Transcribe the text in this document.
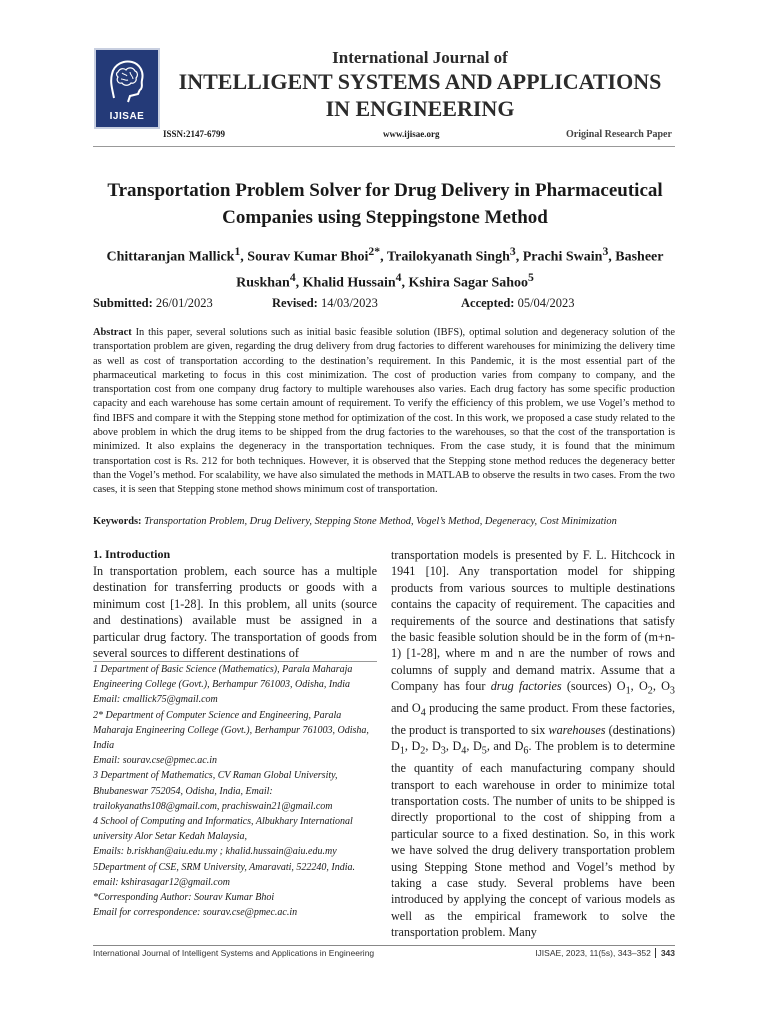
IJISAE
International Journal of
INTELLIGENT SYSTEMS AND APPLICATIONS IN ENGINEERING
ISSN:2147-6799	www.ijisae.org	Original Research Paper
Transportation Problem Solver for Drug Delivery in Pharmaceutical Companies using Steppingstone Method
Chittaranjan Mallick$^1$, Sourav Kumar Bhoi$^{2*}$, Trailokyanath Singh$^3$, Prachi Swain$^3$, Basheer Ruskhan$^4$, Khalid Hussain$^4$, Kshira Sagar Sahoo$^5$
Submitted: 26/01/2023	Revised: 14/03/2023	Accepted: 05/04/2023
Abstract In this paper, several solutions such as initial basic feasible solution (IBFS), optimal solution and degeneracy solution of the transportation problem are given, regarding the drug delivery from drug factories to different warehouses for minimizing the delivery time as well as cost of transportation according to the destination’s requirement. In this Pandemic, it is the most essential part of the pharmaceutical marketing to focus in this cost minimization. The cost of production varies from company to company, and the transportation cost from one company drug factory to multiple warehouses also varies. Each drug factory has some specific production capacity and each warehouse has some certain amount of requirement. To verify the efficiency of this problem, we use Vogel’s method to find IBFS and compare it with the Stepping stone method for optimization of the cost. In this work, we proposed a case study related to the above problem in which the drug items to be shipped from the drug factories to the warehouses, so that the cost of the transportation is minimized. It also explains the degeneracy in the transportation techniques. From the case study, it is found that the minimum transportation cost is Rs. 212 for both techniques. However, it is observed that the Stepping stone method reduces the degeneracy better than the Vogel’s method. For scalability, we have also simulated the methods in MATLAB to observe the results in two cases. From the two cases, it is seen that Stepping stone method shows minimum cost of transportation.
Keywords: Transportation Problem, Drug Delivery, Stepping Stone Method, Vogel’s Method, Degeneracy, Cost Minimization
1. Introduction
In transportation problem, each source has a multiple destination for transferring products or goods with a minimum cost [1-28]. In this problem, all units (source and destinations) available must be assigned in a particular drug factory. The transportation of goods from several sources to different destinations of
1 Department of Basic Science (Mathematics), Parala Maharaja Engineering College (Govt.), Berhampur 761003, Odisha, India
Email: cmallick75@gmail.com
2* Department of Computer Science and Engineering, Parala Maharaja Engineering College (Govt.), Berhampur 761003, Odisha, India
Email: sourav.cse@pmec.ac.in
3 Department of Mathematics, CV Raman Global University, Bhubaneswar 752054, Odisha, India, Email: trailokyanaths108@gmail.com, prachiswain21@gmail.com
4 School of Computing and Informatics, Albukhary International university Alor Setar Kedah Malaysia,
Emails: b.riskhan@aiu.edu.my ; khalid.hussain@aiu.edu.my
5Department of CSE, SRM University, Amaravati, 522240, India. email: kshirasagar12@gmail.com
*Corresponding Author: Sourav Kumar Bhoi
Email for correspondence: sourav.cse@pmec.ac.in
transportation models is presented by F. L. Hitchcock in 1941 [10]. Any transportation model for shipping products from various sources to multiple destinations contains the capacity of requirement. The capacities and requirements of the source and destinations that satisfy the basic feasible solution should be in the form of (m+n-1) [1-28], where m and n are the number of rows and columns of supply and demand matrix. Assume that a Company has four drug factories (sources) $O_1$, $O_2$, $O_3$ and $O_4$ producing the same product. From these factories, the product is transported to six warehouses (destinations) $D_1$, $D_2$, $D_3$, $D_4$, $D_5$, and $D_6$. The problem is to determine the quantity of each manufacturing company should transport to each warehouse in order to minimize total transportation costs. The number of units to be shipped is directly proportional to the cost of shipping from a particular source to a fixed destination. So, in this work we have solved the drug delivery transportation problem using Stepping Stone method and Vogel’s method by taking a case study. Several problems have been introduced by applying the concept of various models as well as the empirical framework to solve the transportation problem. Many
International Journal of Intelligent Systems and Applications in Engineering	IJISAE, 2023, 11(5s), 343–352 343
